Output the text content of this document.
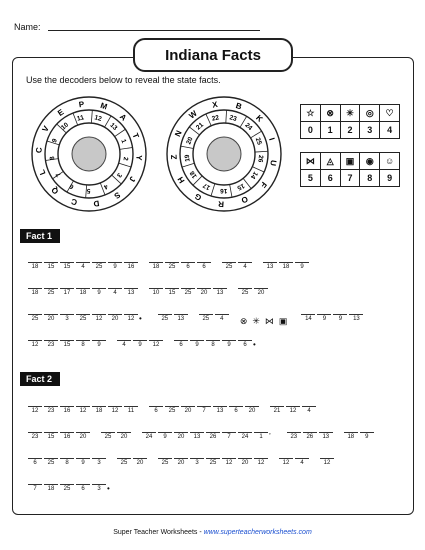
Name:
Indiana Facts
Use the decoders below to reveal the state facts.
M
A
T
Y
J
S
D
C
Q
L
C
V
E
P
12
13
1
2
3
4
5
6
7
8
9
10
11
B
K
I
U
F
O
R
G
H
Z
N
W
X
23
24
25
26
14
15
16
17
18
19
20
21
22
☆	⊗	✳	◎	♡
0	1	2	3	4
⋈	◬	▣	◉	☺
5	6	7	8	9
Fact 1
18 15 15 4 25 9 16	18 25 6 6	25 4	13 18 9
18 25 17 18 9 4 13	10 15 25 20 13	25 20
25 20 3 25 12 20 12 •	25 13	25 4 ⊗ ✳ ⋈ ▣	14 9 9 13
12 23 15 8 9	4 9 12	6 9 8 9 6 •
Fact 2
12 23 16 12 18 12 11	6 25 20 7 13 6 20	21 12 4
23 15 16 20	25 20	24 9 20 13 26 7 24 1 ’	23 26 13	18 9
6 25 8 9 3	25 20	25 20 3 25 12 20 12	12 4	12
7 18 25 6 3 •
Super Teacher Worksheets - www.superteacherworksheets.com
